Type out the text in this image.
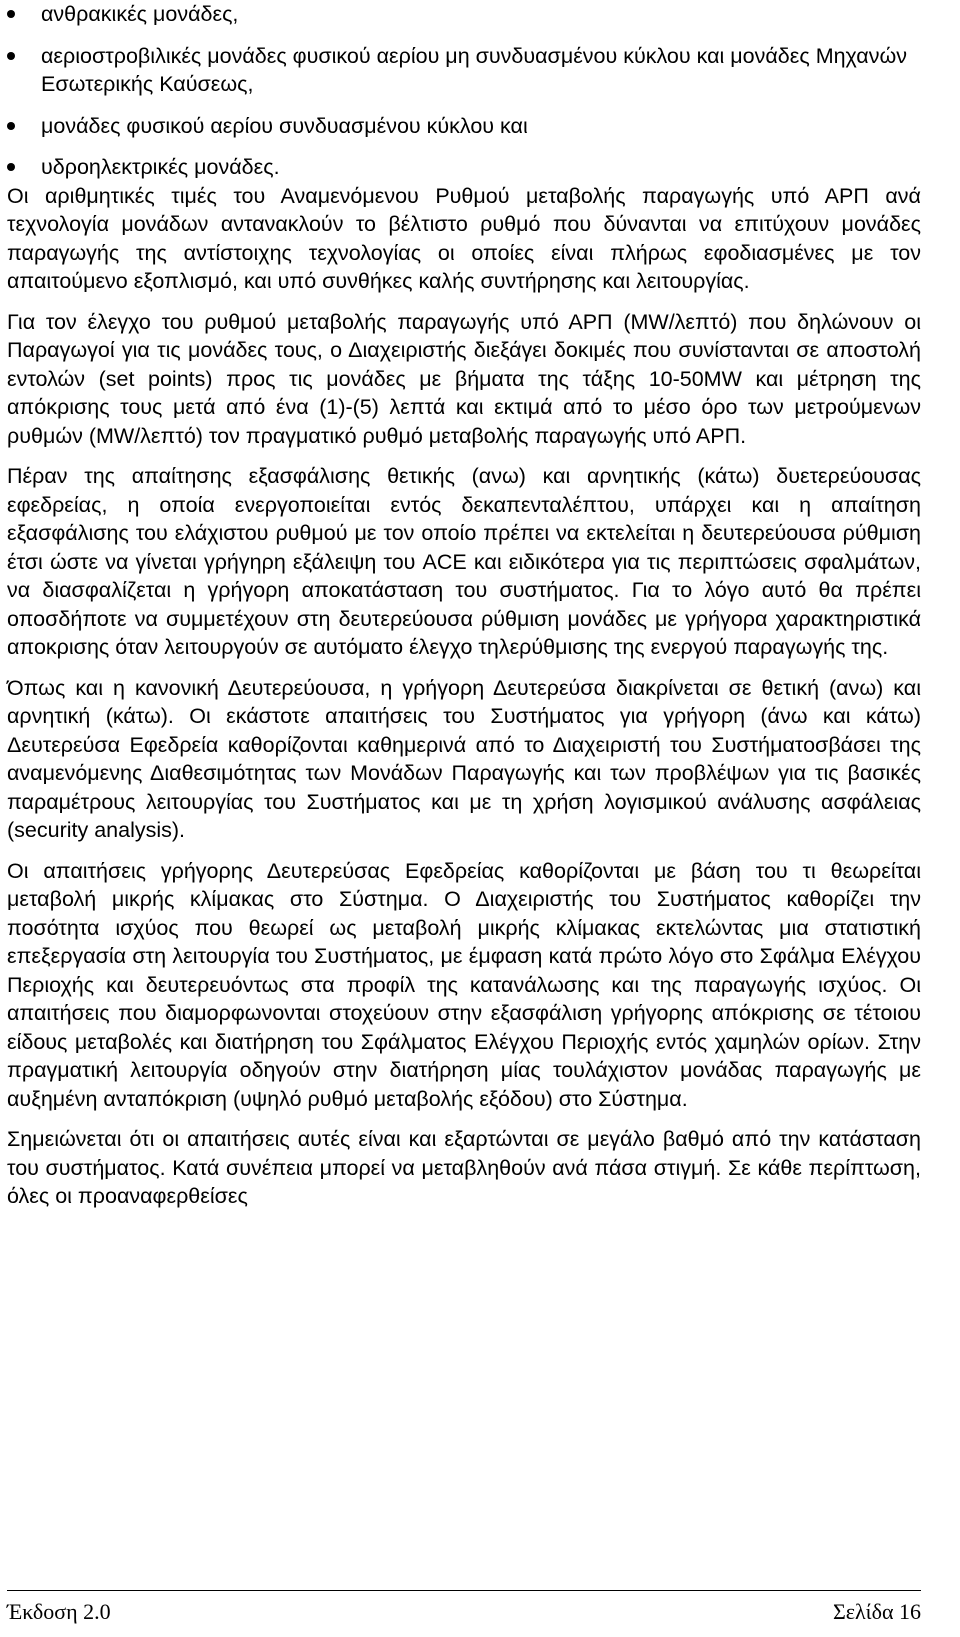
ανθρακικές μονάδες,
αεριοστροβιλικές μονάδες φυσικού αερίου μη συνδυασμένου κύκλου και μονάδες Μηχανών Εσωτερικής Καύσεως,
μονάδες φυσικού αερίου συνδυασμένου κύκλου και
υδροηλεκτρικές μονάδες.

Οι αριθμητικές τιμές του Αναμενόμενου Ρυθμού μεταβολής παραγωγής υπό ΑΡΠ ανά τεχνολογία μονάδων αντανακλούν το βέλτιστο ρυθμό που δύνανται να επιτύχουν μονάδες παραγωγής της αντίστοιχης τεχνολογίας οι οποίες είναι πλήρως εφοδιασμένες με τον απαιτούμενο εξοπλισμό, και υπό συνθήκες καλής συντήρησης και λειτουργίας.

Για τον έλεγχο του ρυθμού μεταβολής παραγωγής υπό ΑΡΠ (MW/λεπτό) που δηλώνουν οι Παραγωγοί για τις μονάδες τους, ο Διαχειριστής διεξάγει δοκιμές που συνίστανται σε αποστολή εντολών (set points) προς τις μονάδες με βήματα της τάξης 10-50MW και μέτρηση της απόκρισης τους μετά από ένα (1)-(5) λεπτά και εκτιμά από το μέσο όρο των μετρούμενων ρυθμών (MW/λεπτό) τον πραγματικό ρυθμό μεταβολής παραγωγής υπό ΑΡΠ.

Πέραν της απαίτησης εξασφάλισης θετικής (ανω) και αρνητικής (κάτω) δυετερεύουσας εφεδρείας, η οποία ενεργοποιείται εντός δεκαπενταλέπτου, υπάρχει και η απαίτηση εξασφάλισης του ελάχιστου ρυθμού με τον οποίο πρέπει να εκτελείται η δευτερεύουσα ρύθμιση έτσι ώστε να γίνεται γρήγηρη εξάλειψη του ACE και ειδικότερα για τις περιπτώσεις σφαλμάτων, να διασφαλίζεται η γρήγορη αποκατάσταση του συστήματος. Για το λόγο αυτό θα πρέπει οποσδήποτε να συμμετέχουν στη δευτερεύουσα ρύθμιση μονάδες με γρήγορα χαρακτηριστικά αποκρισης όταν λειτουργούν σε αυτόματο έλεγχο τηλερύθμισης της ενεργού παραγωγής της.

Όπως και η κανονική Δευτερεύουσα, η γρήγορη Δευτερεύσα διακρίνεται σε θετική (ανω) και αρνητική (κάτω). Οι εκάστοτε απαιτήσεις του Συστήματος για γρήγορη (άνω και κάτω) Δευτερεύσα Εφεδρεία καθορίζονται καθημερινά από το Διαχειριστή του Συστήματοσβάσει της αναμενόμενης Διαθεσιμότητας των Μονάδων Παραγωγής και των προβλέψων για τις βασικές παραμέτρους λειτουργίας του Συστήματος και με τη χρήση λογισμικού ανάλυσης ασφάλειας (security analysis).

Οι απαιτήσεις γρήγορης Δευτερεύσας Εφεδρείας καθορίζονται με βάση του τι θεωρείται μεταβολή μικρής κλίμακας στο Σύστημα. Ο Διαχειριστής του Συστήματος καθορίζει την ποσότητα ισχύος που θεωρεί ως μεταβολή μικρής κλίμακας εκτελώντας μια στατιστική επεξεργασία στη λειτουργία του Συστήματος, με έμφαση κατά πρώτο λόγο στο Σφάλμα Ελέγχου Περιοχής και δευτερευόντως στα προφίλ της κατανάλωσης και της παραγωγής ισχύος. Οι απαιτήσεις που διαμορφωνονται στοχεύουν στην εξασφάλιση γρήγορης απόκρισης σε τέτοιου είδους μεταβολές και διατήρηση του Σφάλματος Ελέγχου Περιοχής εντός χαμηλών ορίων. Στην πραγματική λειτουργία οδηγούν στην διατήρηση μίας τουλάχιστον μονάδας παραγωγής με αυξημένη ανταπόκριση (υψηλό ρυθμό μεταβολής εξόδου) στο Σύστημα.

Σημειώνεται ότι οι απαιτήσεις αυτές είναι και εξαρτώνται σε μεγάλο βαθμό από την κατάσταση του συστήματος. Κατά συνέπεια μπορεί να μεταβληθούν ανά πάσα στιγμή. Σε κάθε περίπτωση, όλες οι προαναφερθείσες

Έκδοση 2.0	Σελίδα 16
